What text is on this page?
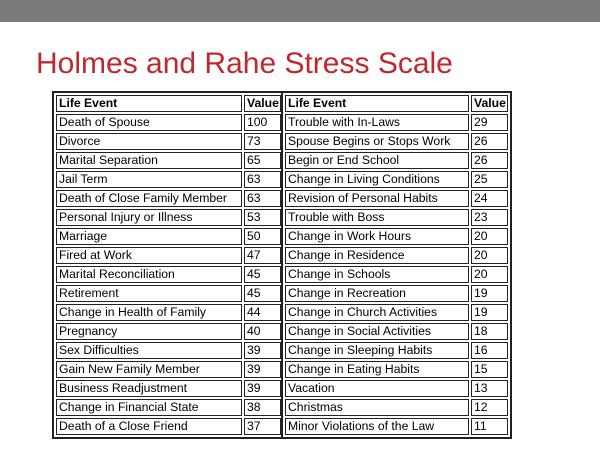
Holmes and Rahe Stress Scale
Life Event	Value
Death of Spouse	100
Divorce	73
Marital Separation	65
Jail Term	63
Death of Close Family Member	63
Personal Injury or Illness	53
Marriage	50
Fired at Work	47
Marital Reconciliation	45
Retirement	45
Change in Health of Family	44
Pregnancy	40
Sex Difficulties	39
Gain New Family Member	39
Business Readjustment	39
Change in Financial State	38
Death of a Close Friend	37
Life Event	Value
Trouble with In-Laws	29
Spouse Begins or Stops Work	26
Begin or End School	26
Change in Living Conditions	25
Revision of Personal Habits	24
Trouble with Boss	23
Change in Work Hours	20
Change in Residence	20
Change in Schools	20
Change in Recreation	19
Change in Church Activities	19
Change in Social Activities	18
Change in Sleeping Habits	16
Change in Eating Habits	15
Vacation	13
Christmas	12
Minor Violations of the Law	11
